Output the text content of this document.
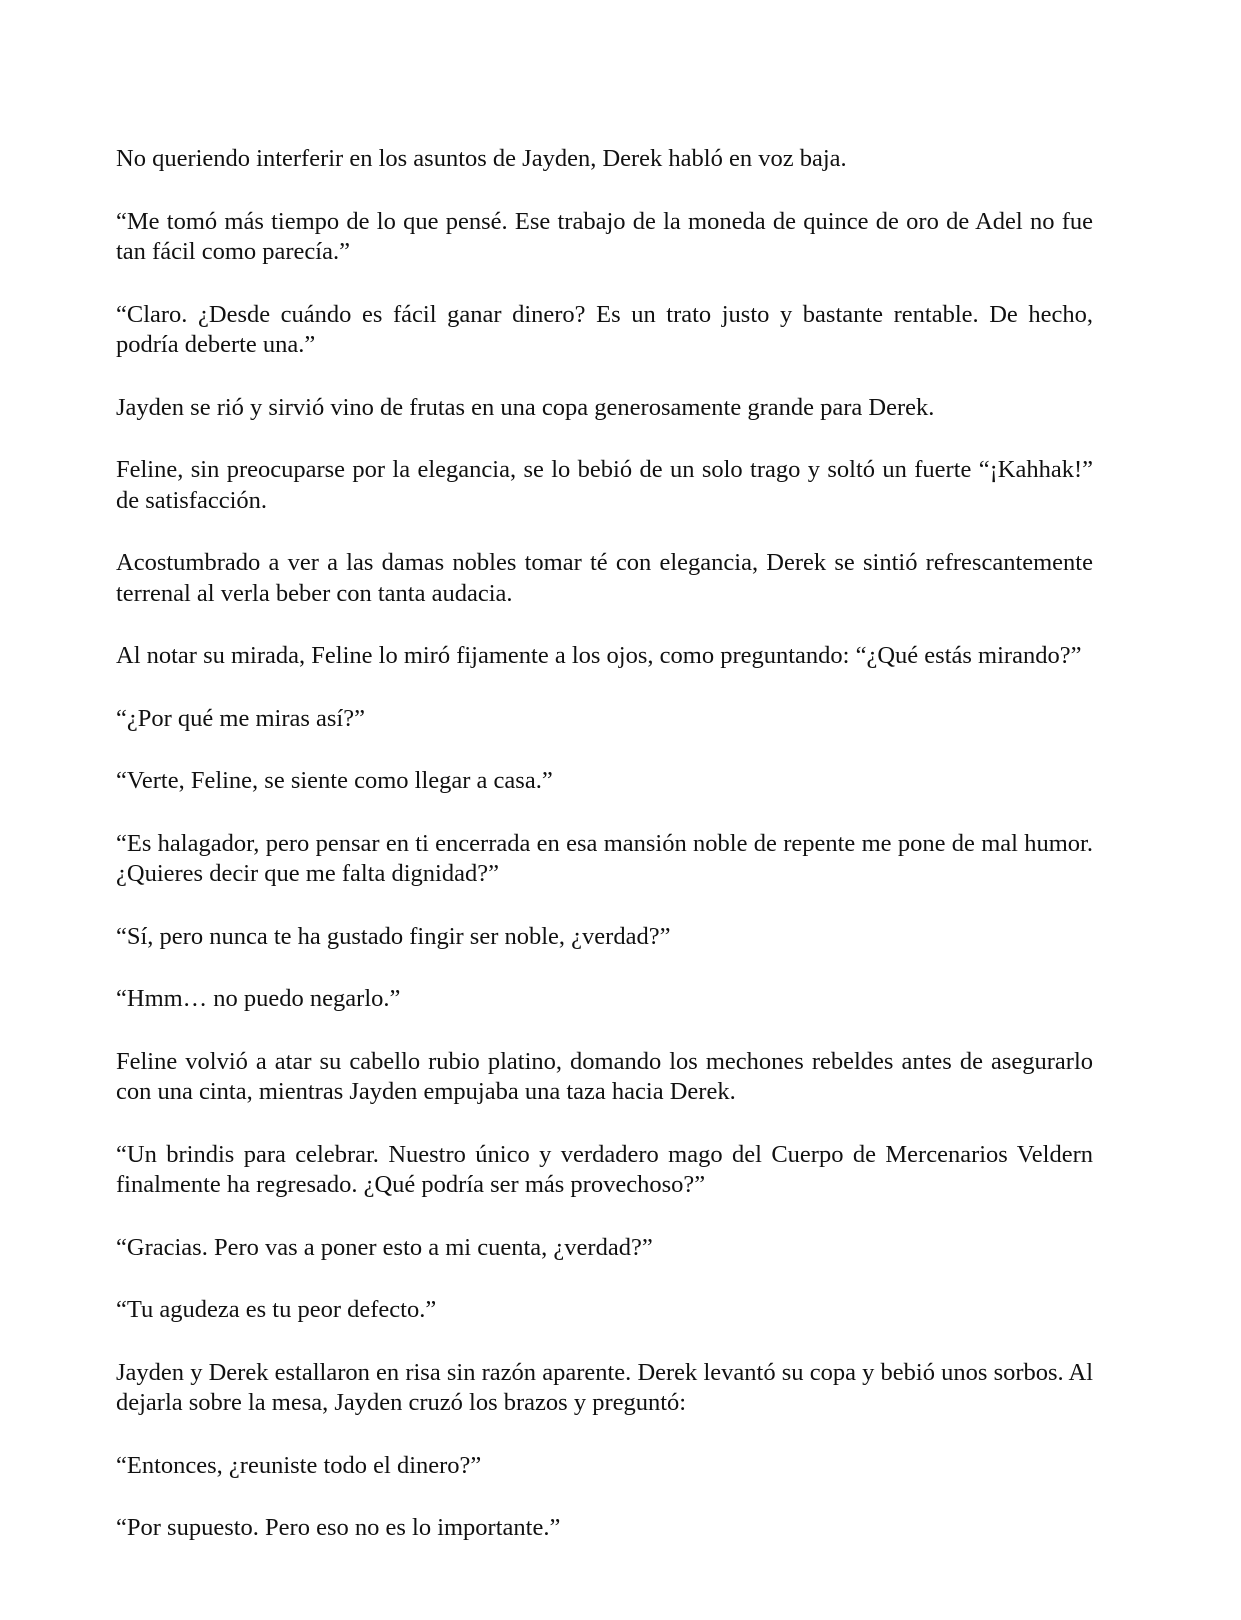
No queriendo interferir en los asuntos de Jayden, Derek habló en voz baja.

“Me tomó más tiempo de lo que pensé. Ese trabajo de la moneda de quince de oro de Adel no fue tan fácil como parecía.”

“Claro. ¿Desde cuándo es fácil ganar dinero? Es un trato justo y bastante rentable. De hecho, podría deberte una.”

Jayden se rió y sirvió vino de frutas en una copa generosamente grande para Derek.

Feline, sin preocuparse por la elegancia, se lo bebió de un solo trago y soltó un fuerte “¡Kahhak!” de satisfacción.

Acostumbrado a ver a las damas nobles tomar té con elegancia, Derek se sintió refrescantemente terrenal al verla beber con tanta audacia.

Al notar su mirada, Feline lo miró fijamente a los ojos, como preguntando: “¿Qué estás mirando?”

“¿Por qué me miras así?”

“Verte, Feline, se siente como llegar a casa.”

“Es halagador, pero pensar en ti encerrada en esa mansión noble de repente me pone de mal humor. ¿Quieres decir que me falta dignidad?”

“Sí, pero nunca te ha gustado fingir ser noble, ¿verdad?”

“Hmm… no puedo negarlo.”

Feline volvió a atar su cabello rubio platino, domando los mechones rebeldes antes de asegurarlo con una cinta, mientras Jayden empujaba una taza hacia Derek.

“Un brindis para celebrar. Nuestro único y verdadero mago del Cuerpo de Mercenarios Veldern finalmente ha regresado. ¿Qué podría ser más provechoso?”

“Gracias. Pero vas a poner esto a mi cuenta, ¿verdad?”

“Tu agudeza es tu peor defecto.”

Jayden y Derek estallaron en risa sin razón aparente. Derek levantó su copa y bebió unos sorbos. Al dejarla sobre la mesa, Jayden cruzó los brazos y preguntó:

“Entonces, ¿reuniste todo el dinero?”

“Por supuesto. Pero eso no es lo importante.”
